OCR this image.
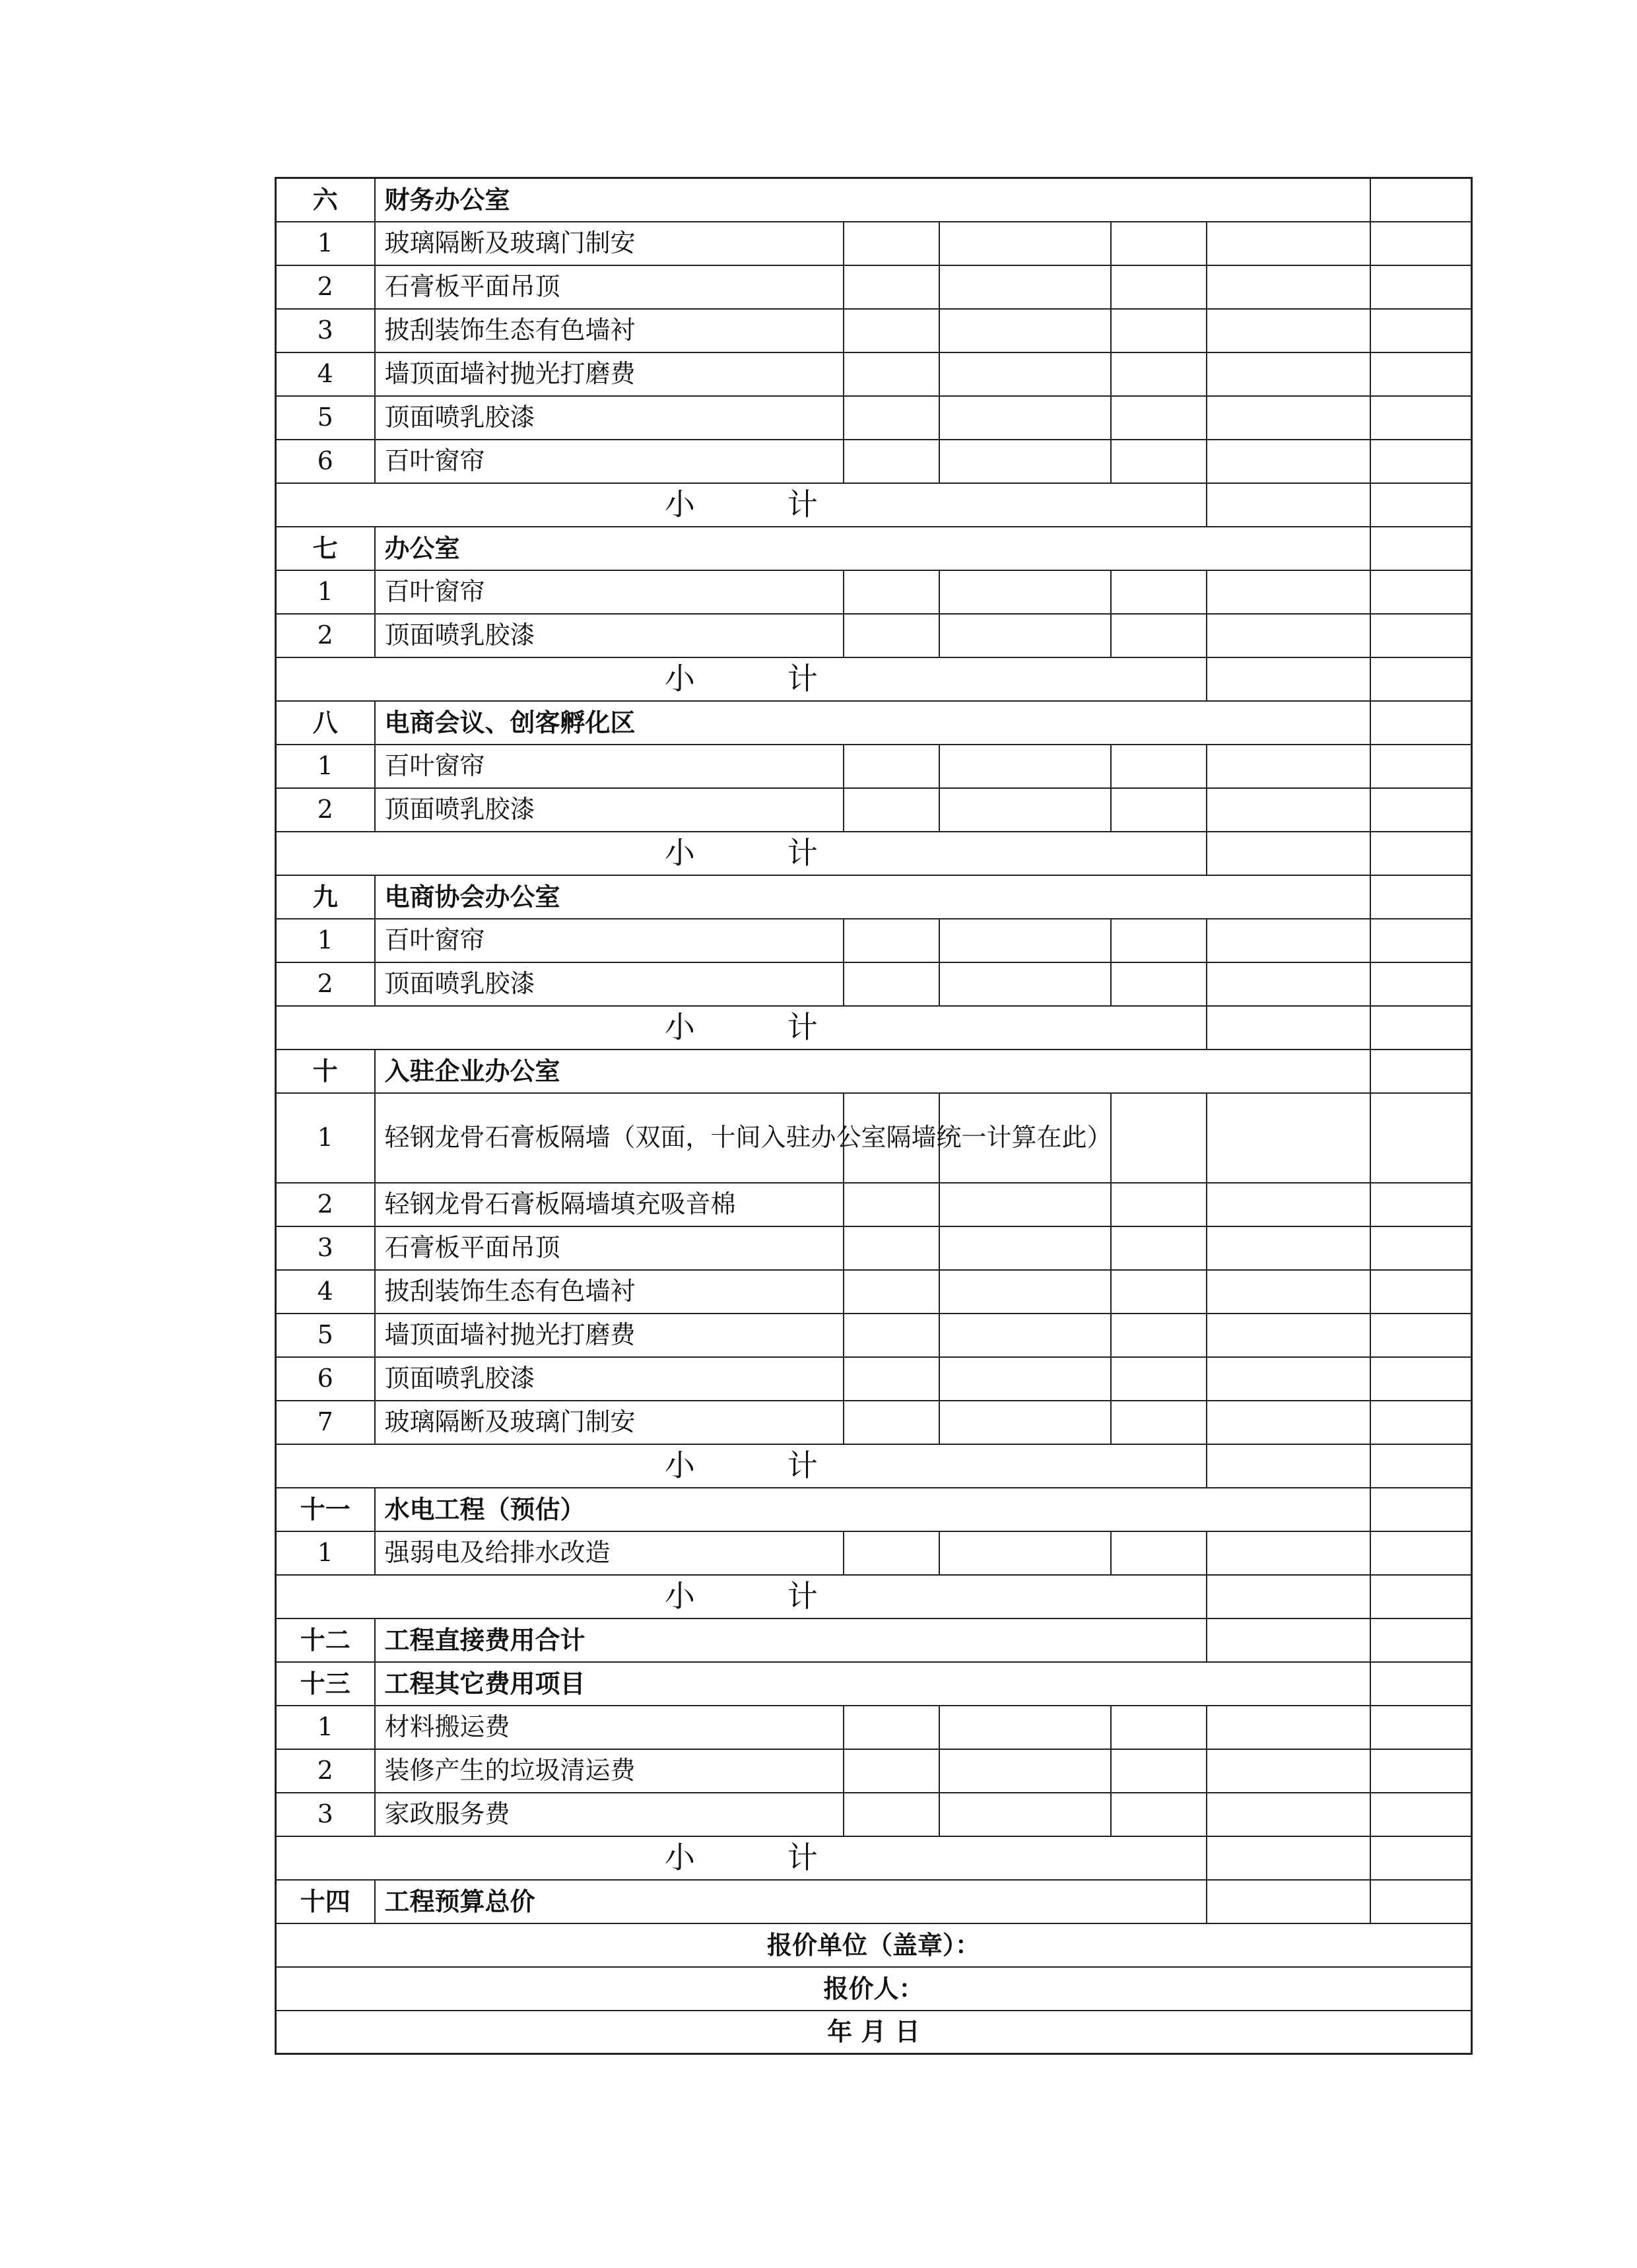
六	财务办公室					
1	玻璃隔断及玻璃门制安					
2	石膏板平面吊顶					
3	披刮装饰生态有色墙衬					
4	墙顶面墙衬抛光打磨费					
5	顶面喷乳胶漆					
6	百叶窗帘					
小 计						
七	办公室					
1	百叶窗帘					
2	顶面喷乳胶漆					
小 计						
八	电商会议、创客孵化区					
1	百叶窗帘					
2	顶面喷乳胶漆					
小 计						
九	电商协会办公室					
1	百叶窗帘					
2	顶面喷乳胶漆					
小 计						
十	入驻企业办公室					
1	轻钢龙骨石膏板隔墙（双面，十间入驻办公室隔墙统一计算在此）					
2	轻钢龙骨石膏板隔墙填充吸音棉					
3	石膏板平面吊顶					
4	披刮装饰生态有色墙衬					
5	墙顶面墙衬抛光打磨费					
6	顶面喷乳胶漆					
7	玻璃隔断及玻璃门制安					
小 计						
十一	水电工程（预估）					
1	强弱电及给排水改造					
小 计						
十二	工程直接费用合计					
十三	工程其它费用项目					
1	材料搬运费					
2	装修产生的垃圾清运费					
3	家政服务费					
小 计						
十四	工程预算总价					
报价单位（盖章）：						
报价人：						
年 月 日						
